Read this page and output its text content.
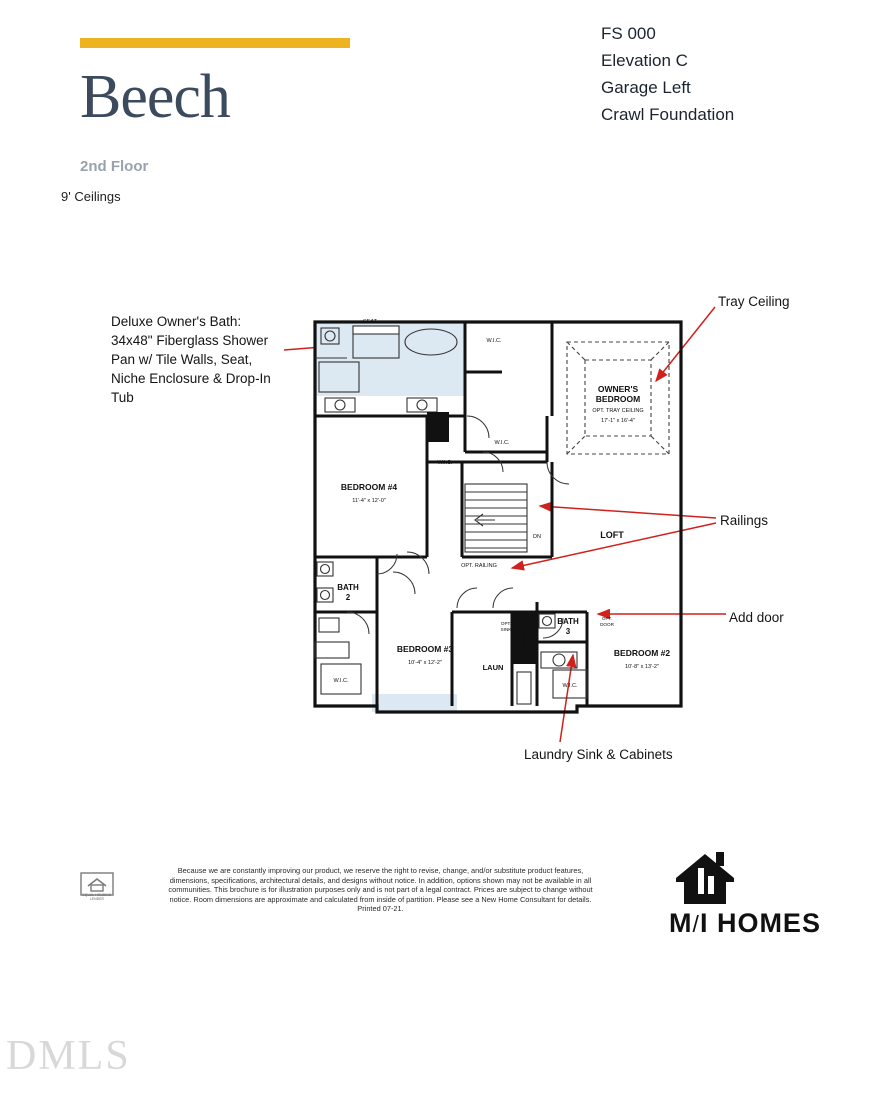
Beech
2nd Floor
9' Ceilings
FS 000
Elevation C
Garage Left
Crawl Foundation
Deluxe Owner's Bath: 34x48" Fiberglass Shower Pan w/ Tile Walls, Seat, Niche Enclosure & Drop-In Tub
Tray Ceiling
Railings
Add door
Laundry Sink & Cabinets
OWNER'S
BEDROOM
OPT. TRAY CEILING
17'-1" x 16'-4"
BEDROOM #4
11'-4" x 12'-0"
BEDROOM #3
10'-4" x 12'-2"
BEDROOM #2
10'-8" x 13'-2"
LOFT
BATH
2
BATH
3
LAUN
SEAT
W.I.C.
W.I.C.
W.I.C.
W.I.C.
W.I.C.
DN
OPT. RAILING
OPT.
SINK
OPT.
DOOR
OPT. CABINETS
EQUAL HOUSING LENDER
Because we are constantly improving our product, we reserve the right to revise, change, and/or substitute product features, dimensions, specifications, architectural details, and designs without notice. In addition, options shown may not be available in all communities. This brochure is for illustration purposes only and is not part of a legal contract. Prices are subject to change without notice. Room dimensions are approximate and calculated from inside of partition. Please see a New Home Consultant for details. Printed 07-21.	M/I HOMES
DMLS
